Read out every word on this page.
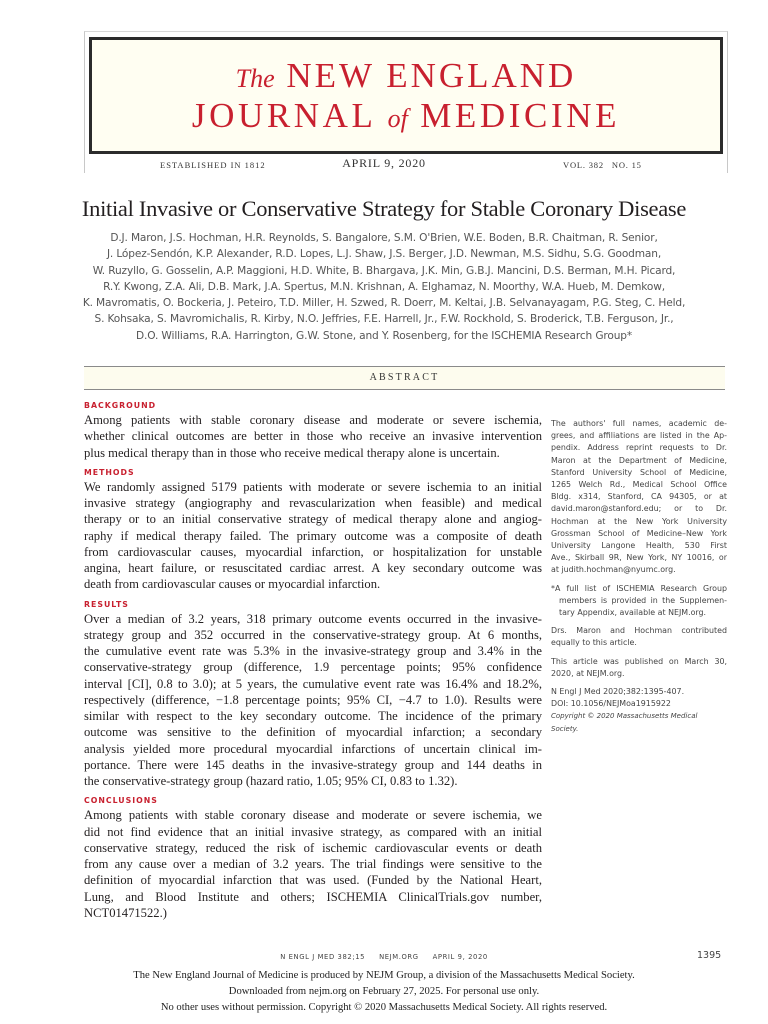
The NEW ENGLAND
JOURNAL of MEDICINE
ESTABLISHED IN 1812	APRIL 9, 2020	VOL. 382 NO. 15
Initial Invasive or Conservative Strategy for Stable Coronary Disease
D.J. Maron, J.S. Hochman, H.R. Reynolds, S. Bangalore, S.M. O'Brien, W.E. Boden, B.R. Chaitman, R. Senior,
J. López-Sendón, K.P. Alexander, R.D. Lopes, L.J. Shaw, J.S. Berger, J.D. Newman, M.S. Sidhu, S.G. Goodman,
W. Ruzyllo, G. Gosselin, A.P. Maggioni, H.D. White, B. Bhargava, J.K. Min, G.B.J. Mancini, D.S. Berman, M.H. Picard,
R.Y. Kwong, Z.A. Ali, D.B. Mark, J.A. Spertus, M.N. Krishnan, A. Elghamaz, N. Moorthy, W.A. Hueb, M. Demkow,
K. Mavromatis, O. Bockeria, J. Peteiro, T.D. Miller, H. Szwed, R. Doerr, M. Keltai, J.B. Selvanayagam, P.G. Steg, C. Held,
S. Kohsaka, S. Mavromichalis, R. Kirby, N.O. Jeffries, F.E. Harrell, Jr., F.W. Rockhold, S. Broderick, T.B. Ferguson, Jr.,
D.O. Williams, R.A. Harrington, G.W. Stone, and Y. Rosenberg, for the ISCHEMIA Research Group*
ABSTRACT
BACKGROUND
Among patients with stable coronary disease and moderate or severe ischemia,
whether clinical outcomes are better in those who receive an invasive intervention
plus medical therapy than in those who receive medical therapy alone is uncertain.
METHODS
We randomly assigned 5179 patients with moderate or severe ischemia to an initial
invasive strategy (angiography and revascularization when feasible) and medical
therapy or to an initial conservative strategy of medical therapy alone and angiog-
raphy if medical therapy failed. The primary outcome was a composite of death
from cardiovascular causes, myocardial infarction, or hospitalization for unstable
angina, heart failure, or resuscitated cardiac arrest. A key secondary outcome was
death from cardiovascular causes or myocardial infarction.
RESULTS
Over a median of 3.2 years, 318 primary outcome events occurred in the invasive-
strategy group and 352 occurred in the conservative-strategy group. At 6 months,
the cumulative event rate was 5.3% in the invasive-strategy group and 3.4% in the
conservative-strategy group (difference, 1.9 percentage points; 95% confidence
interval [CI], 0.8 to 3.0); at 5 years, the cumulative event rate was 16.4% and 18.2%,
respectively (difference, −1.8 percentage points; 95% CI, −4.7 to 1.0). Results were
similar with respect to the key secondary outcome. The incidence of the primary
outcome was sensitive to the definition of myocardial infarction; a secondary
analysis yielded more procedural myocardial infarctions of uncertain clinical im-
portance. There were 145 deaths in the invasive-strategy group and 144 deaths in
the conservative-strategy group (hazard ratio, 1.05; 95% CI, 0.83 to 1.32).
CONCLUSIONS
Among patients with stable coronary disease and moderate or severe ischemia, we
did not find evidence that an initial invasive strategy, as compared with an initial
conservative strategy, reduced the risk of ischemic cardiovascular events or death
from any cause over a median of 3.2 years. The trial findings were sensitive to the
definition of myocardial infarction that was used. (Funded by the National Heart,
Lung, and Blood Institute and others; ISCHEMIA ClinicalTrials.gov number,
NCT01471522.)

The authors' full names, academic de-
grees, and affiliations are listed in the Ap-
pendix. Address reprint requests to Dr.
Maron at the Department of Medicine,
Stanford University School of Medicine,
1265 Welch Rd., Medical School Office
Bldg. x314, Stanford, CA 94305, or at
david.maron@stanford.edu; or to Dr.
Hochman at the New York University
Grossman School of Medicine–New York
University Langone Health, 530 First
Ave., Skirball 9R, New York, NY 10016, or
at judith.hochman@nyumc.org.

*A full list of ISCHEMIA Research Group
members is provided in the Supplemen-
tary Appendix, available at NEJM.org.

Drs. Maron and Hochman contributed
equally to this article.

This article was published on March 30,
2020, at NEJM.org.

N Engl J Med 2020;382:1395-407.
DOI: 10.1056/NEJMoa1915922
Copyright © 2020 Massachusetts Medical Society.
N ENGL J MED 382;15 NEJM.ORG APRIL 9, 2020	1395
The New England Journal of Medicine is produced by NEJM Group, a division of the Massachusetts Medical Society.
Downloaded from nejm.org on February 27, 2025. For personal use only.
No other uses without permission. Copyright © 2020 Massachusetts Medical Society. All rights reserved.
